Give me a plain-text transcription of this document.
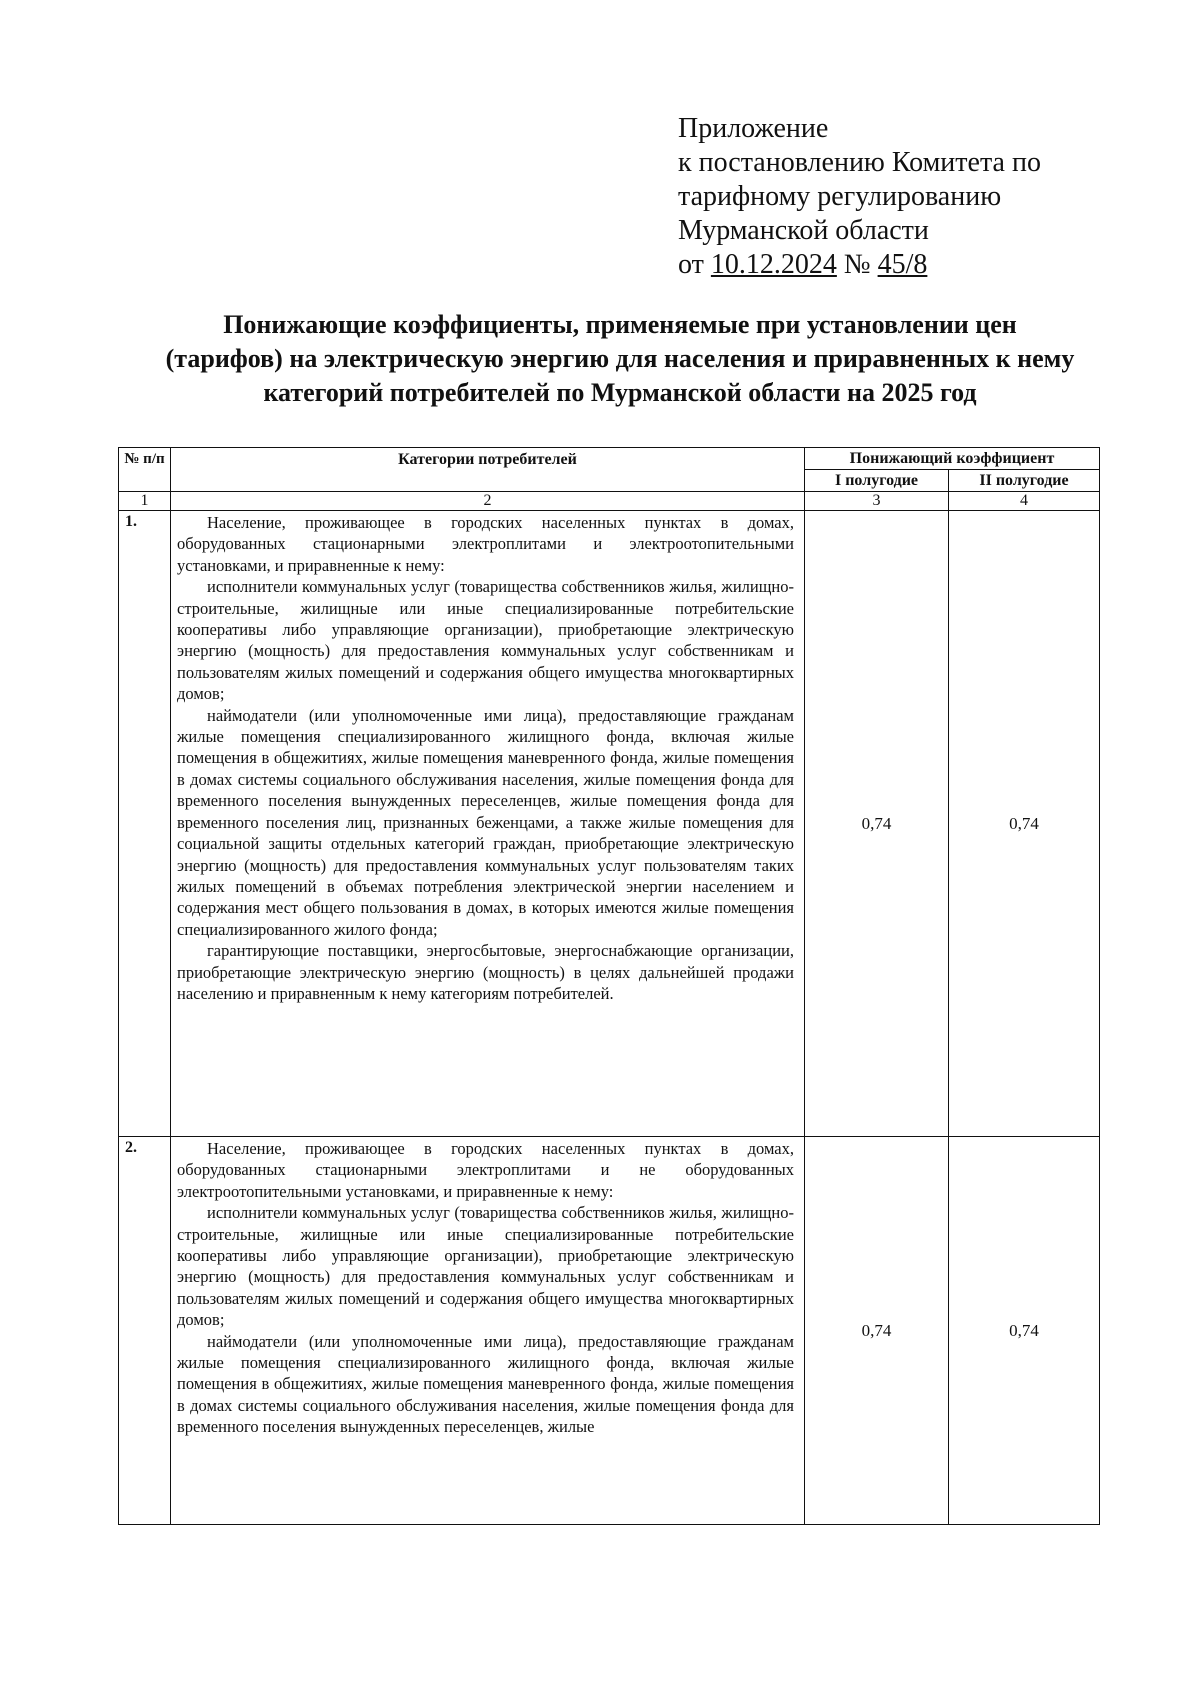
Приложение
к постановлению Комитета по
тарифному регулированию
Мурманской области
от 10.12.2024 № 45/8
Понижающие коэффициенты, применяемые при установлении цен
(тарифов) на электрическую энергию для населения и приравненных к нему
категорий потребителей по Мурманской области на 2025 год
№ п/п	Категории потребителей	Понижающий коэффициент	
		I полугодие	II полугодие
1	2	3	4
1.	Население, проживающее в городских населенных пунктах в домах, оборудованных стационарными электроплитами и электроотопительными установками, и приравненные к нему:

исполнители коммунальных услуг (товарищества собственников жилья, жилищно-строительные, жилищные или иные специализированные потребительские кооперативы либо управляющие организации), приобретающие электрическую энергию (мощность) для предоставления коммунальных услуг собственникам и пользователям жилых помещений и содержания общего имущества многоквартирных домов;

наймодатели (или уполномоченные ими лица), предоставляющие гражданам жилые помещения специализированного жилищного фонда, включая жилые помещения в общежитиях, жилые помещения маневренного фонда, жилые помещения в домах системы социального обслуживания населения, жилые помещения фонда для временного поселения вынужденных переселенцев, жилые помещения фонда для временного поселения лиц, признанных беженцами, а также жилые помещения для социальной защиты отдельных категорий граждан, приобретающие электрическую энергию (мощность) для предоставления коммунальных услуг пользователям таких жилых помещений в объемах потребления электрической энергии населением и содержания мест общего пользования в домах, в которых имеются жилые помещения специализированного жилого фонда;

гарантирующие поставщики, энергосбытовые, энергоснабжающие организации, приобретающие электрическую энергию (мощность) в целях дальнейшей продажи населению и приравненным к нему категориям потребителей.	0,74	0,74
2.	Население, проживающее в городских населенных пунктах в домах, оборудованных стационарными электроплитами и не оборудованных электроотопительными установками, и приравненные к нему:

исполнители коммунальных услуг (товарищества собственников жилья, жилищно-строительные, жилищные или иные специализированные потребительские кооперативы либо управляющие организации), приобретающие электрическую энергию (мощность) для предоставления коммунальных услуг собственникам и пользователям жилых помещений и содержания общего имущества многоквартирных домов;

наймодатели (или уполномоченные ими лица), предоставляющие гражданам жилые помещения специализированного жилищного фонда, включая жилые помещения в общежитиях, жилые помещения маневренного фонда, жилые помещения в домах системы социального обслуживания населения, жилые помещения фонда для временного поселения вынужденных переселенцев, жилые	0,74	0,74
